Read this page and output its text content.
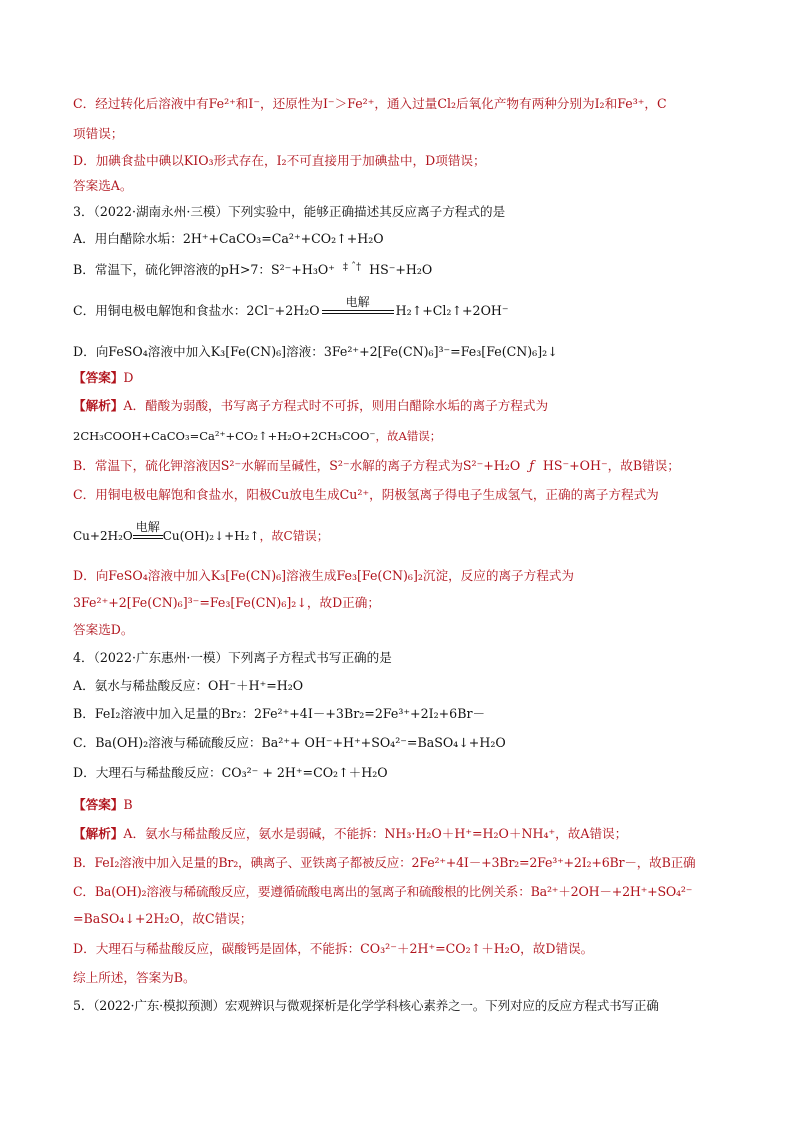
C．经过转化后溶液中有Fe²⁺和I⁻，还原性为I⁻＞Fe²⁺，通入过量Cl₂后氧化产物有两种分别为I₂和Fe³⁺，C
项错误；
D．加碘食盐中碘以KIO₃形式存在，I₂不可直接用于加碘盐中，D项错误；
答案选A。
3．（2022·湖南永州·三模）下列实验中，能够正确描述其反应离子方程式的是
A．用白醋除水垢：2H⁺+CaCO₃=Ca²⁺+CO₂↑+H₂O
B．常温下，硫化钾溶液的pH>7：S²⁻+H₃O⁺ $^{\ddagger ˆ\dagger}$ HS⁻+H₂O
C．用铜电极电解饱和食盐水：2Cl⁻+2H₂O
电解
H₂↑+Cl₂↑+2OH⁻
D．向FeSO₄溶液中加入K₃[Fe(CN)₆]溶液：3Fe²⁺+2[Fe(CN)₆]³⁻=Fe₃[Fe(CN)₆]₂↓
【答案】D
【解析】A．醋酸为弱酸，书写离子方程式时不可拆，则用白醋除水垢的离子方程式为
2CH₃COOH+CaCO₃=Ca²⁺+CO₂↑+H₂O+2CH₃COO⁻，故A错误；
B．常温下，硫化钾溶液因S²⁻水解而呈碱性，S²⁻水解的离子方程式为S²⁻+H₂O ƒ HS⁻+OH⁻，故B错误；
C．用铜电极电解饱和食盐水，阳极Cu放电生成Cu²⁺，阴极氢离子得电子生成氢气，正确的离子方程式为
Cu+2H₂O
电解
Cu(OH)₂↓+H₂↑，故C错误；
D．向FeSO₄溶液中加入K₃[Fe(CN)₆]溶液生成Fe₃[Fe(CN)₆]₂沉淀，反应的离子方程式为
3Fe²⁺+2[Fe(CN)₆]³⁻=Fe₃[Fe(CN)₆]₂↓，故D正确；
答案选D。
4．（2022·广东惠州·一模）下列离子方程式书写正确的是
A．氨水与稀盐酸反应：OH⁻＋H⁺=H₂O
B．FeI₂溶液中加入足量的Br₂：2Fe²⁺+4I－+3Br₂=2Fe³⁺+2I₂+6Br－
C．Ba(OH)₂溶液与稀硫酸反应：Ba²⁺+ OH⁻+H⁺+SO₄²⁻=BaSO₄↓+H₂O
D．大理石与稀盐酸反应：CO₃²⁻ + 2H⁺=CO₂↑＋H₂O
【答案】B
【解析】A．氨水与稀盐酸反应，氨水是弱碱，不能拆：NH₃·H₂O＋H⁺=H₂O＋NH₄⁺，故A错误；
B．FeI₂溶液中加入足量的Br₂，碘离子、亚铁离子都被反应：2Fe²⁺+4I－+3Br₂=2Fe³⁺+2I₂+6Br－，故B正确
C．Ba(OH)₂溶液与稀硫酸反应，要遵循硫酸电离出的氢离子和硫酸根的比例关系：Ba²⁺＋2OH－+2H⁺+SO₄²⁻
=BaSO₄↓+2H₂O，故C错误；
D．大理石与稀盐酸反应，碳酸钙是固体，不能拆：CO₃²⁻＋2H⁺=CO₂↑＋H₂O，故D错误。
综上所述，答案为B。
5．（2022·广东·模拟预测）宏观辨识与微观探析是化学学科核心素养之一。下列对应的反应方程式书写正确
